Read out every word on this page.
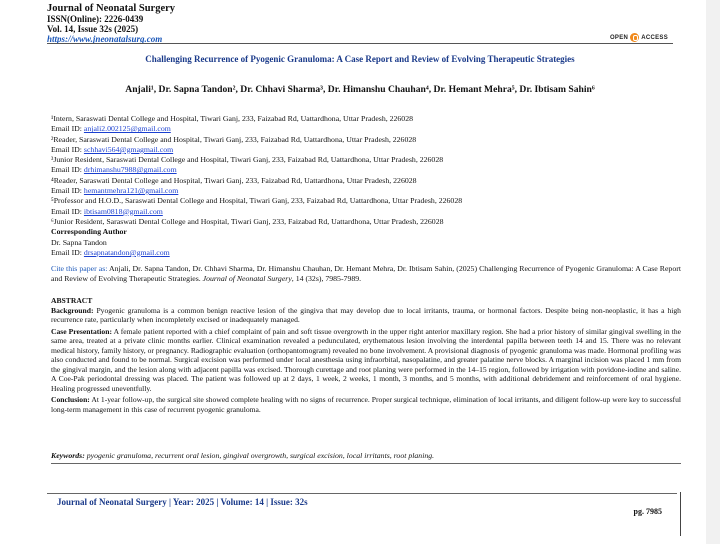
Journal of Neonatal Surgery
ISSN(Online): 2226-0439
Vol. 14, Issue 32s (2025)
https://www.jneonatalsurg.com	OPEN ACCESS
Challenging Recurrence of Pyogenic Granuloma: A Case Report and Review of Evolving Therapeutic Strategies
Anjali¹, Dr. Sapna Tandon², Dr. Chhavi Sharma³, Dr. Himanshu Chauhan⁴, Dr. Hemant Mehra⁵, Dr. Ibtisam Sahin⁶
¹Intern, Saraswati Dental College and Hospital, Tiwari Ganj, 233, Faizabad Rd, Uattardhona, Uttar Pradesh, 226028
Email ID: anjali2.002125@gmail.com
²Reader, Saraswati Dental College and Hospital, Tiwari Ganj, 233, Faizabad Rd, Uattardhona, Uttar Pradesh, 226028
Email ID: schhavi564@gmagmail.com
³Junior Resident, Saraswati Dental College and Hospital, Tiwari Ganj, 233, Faizabad Rd, Uattardhona, Uttar Pradesh, 226028
Email ID: drhimanshu7988@gmail.com
⁴Reader, Saraswati Dental College and Hospital, Tiwari Ganj, 233, Faizabad Rd, Uattardhona, Uttar Pradesh, 226028
Email ID: hemantmehra121@gmail.com
⁵Professor and H.O.D., Saraswati Dental College and Hospital, Tiwari Ganj, 233, Faizabad Rd, Uattardhona, Uttar Pradesh, 226028
Email ID: ibtisam0818@gmail.com
⁶Junior Resident, Saraswati Dental College and Hospital, Tiwari Ganj, 233, Faizabad Rd, Uattardhona, Uttar Pradesh, 226028
Corresponding Author
Dr. Sapna Tandon
Email ID: drsapnatandon@gmail.com
Cite this paper as: Anjali, Dr. Sapna Tandon, Dr. Chhavi Sharma, Dr. Himanshu Chauhan, Dr. Hemant Mehra, Dr. Ibtisam Sahin, (2025) Challenging Recurrence of Pyogenic Granuloma: A Case Report and Review of Evolving Therapeutic Strategies. Journal of Neonatal Surgery, 14 (32s), 7985-7989.
ABSTRACT

Background: Pyogenic granuloma is a common benign reactive lesion of the gingiva that may develop due to local irritants, trauma, or hormonal factors. Despite being non-neoplastic, it has a high recurrence rate, particularly when incompletely excised or inadequately managed.

Case Presentation: A female patient reported with a chief complaint of pain and soft tissue overgrowth in the upper right anterior maxillary region. She had a prior history of similar gingival swelling in the same area, treated at a private clinic months earlier. Clinical examination revealed a pedunculated, erythematous lesion involving the interdental papilla between teeth 14 and 15. There was no relevant medical history, family history, or pregnancy. Radiographic evaluation (orthopantomogram) revealed no bone involvement. A provisional diagnosis of pyogenic granuloma was made. Hormonal profiling was also conducted and found to be normal. Surgical excision was performed under local anesthesia using infraorbital, nasopalatine, and greater palatine nerve blocks. A marginal incision was placed 1 mm from the gingival margin, and the lesion along with adjacent papilla was excised. Thorough curettage and root planing were performed in the 14–15 region, followed by irrigation with povidone-iodine and saline. A Coe-Pak periodontal dressing was placed. The patient was followed up at 2 days, 1 week, 2 weeks, 1 month, 3 months, and 5 months, with additional debridement and reinforcement of oral hygiene. Healing progressed uneventfully.

Conclusion: At 1-year follow-up, the surgical site showed complete healing with no signs of recurrence. Proper surgical technique, elimination of local irritants, and diligent follow-up were key to successful long-term management in this case of recurrent pyogenic granuloma.

Keywords: pyogenic granuloma, recurrent oral lesion, gingival overgrowth, surgical excision, local irritants, root planing.
Journal of Neonatal Surgery | Year: 2025 | Volume: 14 | Issue: 32s
pg. 7985
